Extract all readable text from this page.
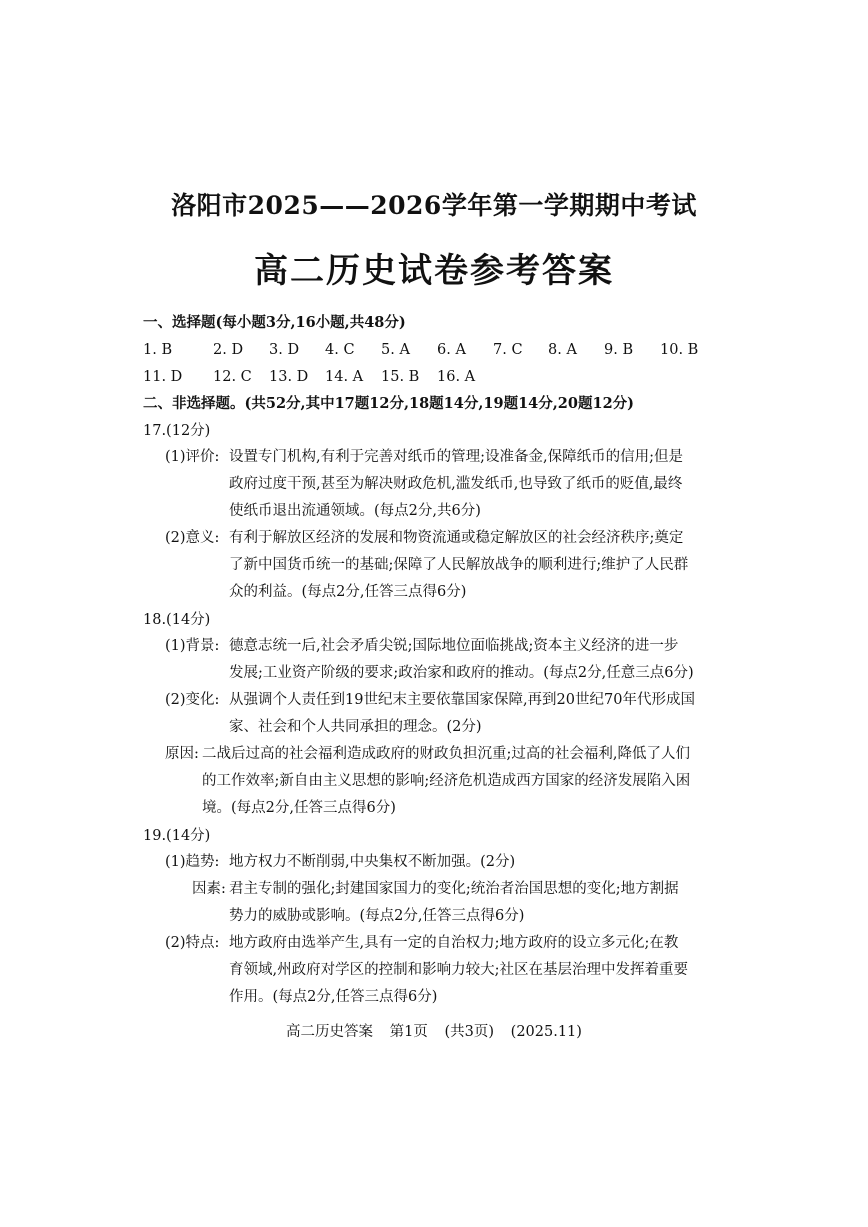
洛阳市2025——2026学年第一学期期中考试
高二历史试卷参考答案
一、选择题(每小题3分,16小题,共48分)
1. B	2. D 3. D 4. C 5. A 6. A 7. C 8. A 9. B 10. B
11. D 12. C 13. D 14. A 15. B 16. A
二、非选择题。(共52分,其中17题12分,18题14分,19题14分,20题12分)
17.(12分)
(1)评价: 设置专门机构,有利于完善对纸币的管理;设准备金,保障纸币的信用;但是
政府过度干预,甚至为解决财政危机,滥发纸币,也导致了纸币的贬值,最终
使纸币退出流通领域。(每点2分,共6分)
(2)意义: 有利于解放区经济的发展和物资流通或稳定解放区的社会经济秩序;奠定
了新中国货币统一的基础;保障了人民解放战争的顺利进行;维护了人民群
众的利益。(每点2分,任答三点得6分)
18.(14分)
(1)背景: 德意志统一后,社会矛盾尖锐;国际地位面临挑战;资本主义经济的进一步
发展;工业资产阶级的要求;政治家和政府的推动。(每点2分,任意三点6分)
(2)变化: 从强调个人责任到19世纪末主要依靠国家保障,再到20世纪70年代形成国
家、社会和个人共同承担的理念。(2分)
原因: 二战后过高的社会福利造成政府的财政负担沉重;过高的社会福利,降低了人们
的工作效率;新自由主义思想的影响;经济危机造成西方国家的经济发展陷入困
境。(每点2分,任答三点得6分)
19.(14分)
(1)趋势: 地方权力不断削弱,中央集权不断加强。(2分)
因素: 君主专制的强化;封建国家国力的变化;统治者治国思想的变化;地方割据
势力的威胁或影响。(每点2分,任答三点得6分)
(2)特点: 地方政府由选举产生,具有一定的自治权力;地方政府的设立多元化;在教
育领域,州政府对学区的控制和影响力较大;社区在基层治理中发挥着重要
作用。(每点2分,任答三点得6分)
高二历史答案 第1页 (共3页) (2025.11)
